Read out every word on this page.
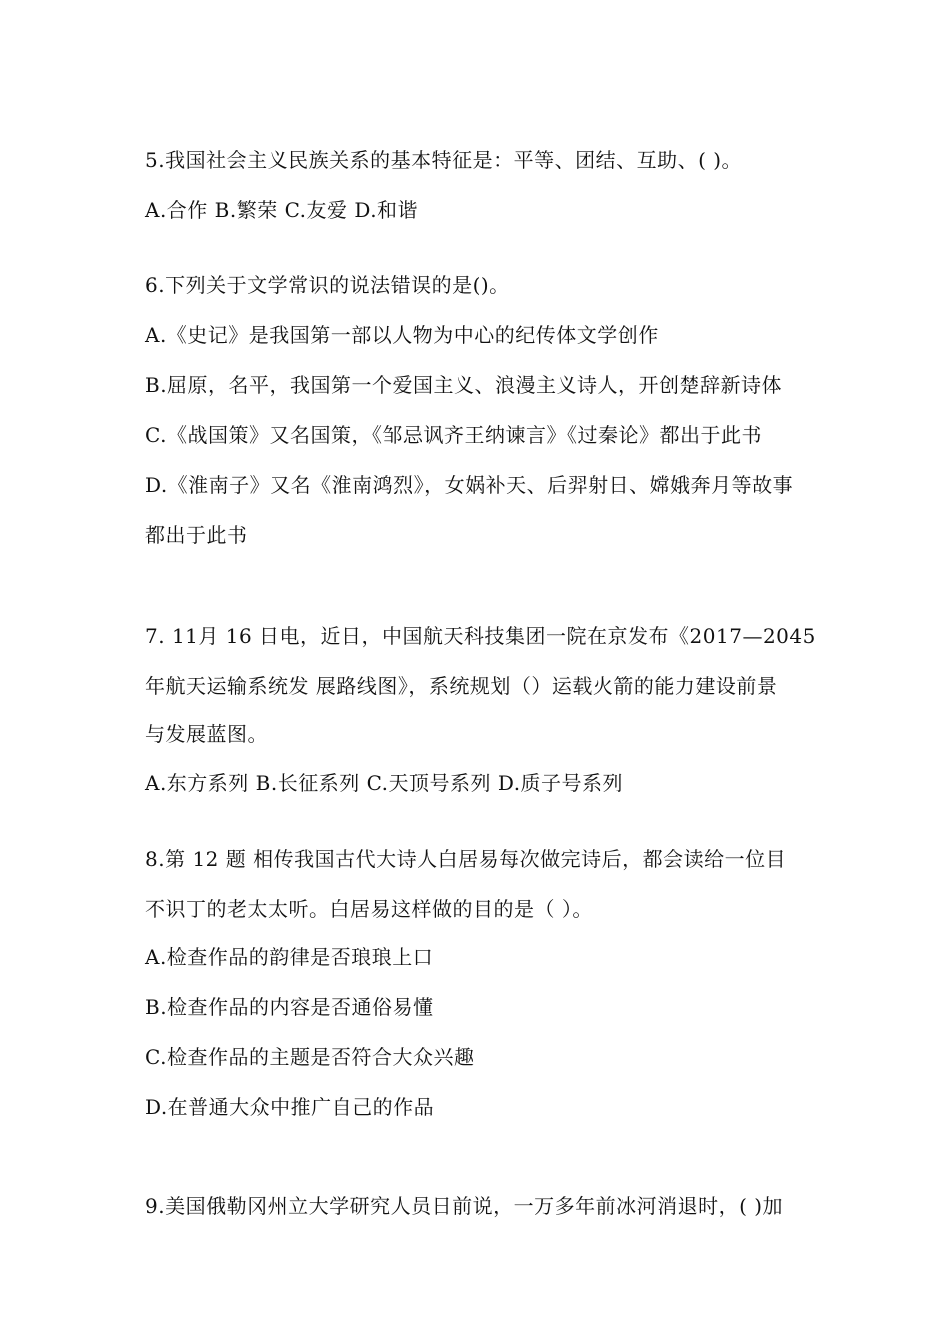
5.我国社会主义民族关系的基本特征是：平等、团结、互助、( )。
A.合作 B.繁荣 C.友爱 D.和谐
6.下列关于文学常识的说法错误的是()。
A.《史记》是我国第一部以人物为中心的纪传体文学创作
B.屈原，名平，我国第一个爱国主义、浪漫主义诗人，开创楚辞新诗体
C.《战国策》又名国策，《邹忌讽齐王纳谏言》《过秦论》都出于此书
D.《淮南子》又名《淮南鸿烈》，女娲补天、后羿射日、嫦娥奔月等故事
都出于此书
7. 11月 16 日电，近日，中国航天科技集团一院在京发布《2017—2045
年航天运输系统发 展路线图》，系统规划（）运载火箭的能力建设前景
与发展蓝图。
A.东方系列 B.长征系列 C.天顶号系列 D.质子号系列
8.第 12 题 相传我国古代大诗人白居易每次做完诗后，都会读给一位目
不识丁的老太太听。白居易这样做的目的是（ ）。
A.检查作品的韵律是否琅琅上口
B.检查作品的内容是否通俗易懂
C.检查作品的主题是否符合大众兴趣
D.在普通大众中推广自己的作品
9.美国俄勒冈州立大学研究人员日前说，一万多年前冰河消退时，( )加
